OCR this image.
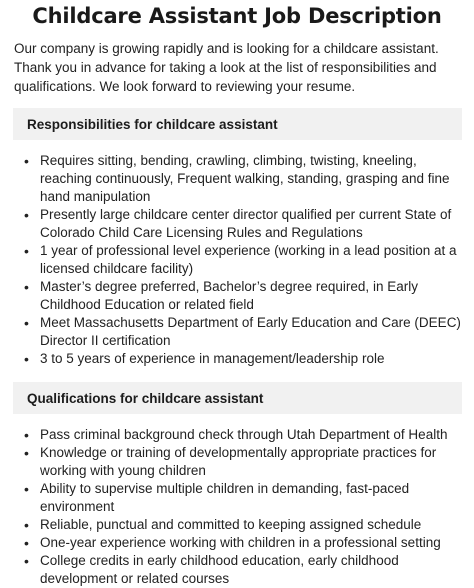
Childcare Assistant Job Description

Our company is growing rapidly and is looking for a childcare assistant. Thank you in advance for taking a look at the list of responsibilities and qualifications. We look forward to reviewing your resume.

Responsibilities for childcare assistant
• Requires sitting, bending, crawling, climbing, twisting, kneeling, reaching continuously, Frequent walking, standing, grasping and fine hand manipulation
• Presently large childcare center director qualified per current State of Colorado Child Care Licensing Rules and Regulations
• 1 year of professional level experience (working in a lead position at a licensed childcare facility)
• Master’s degree preferred, Bachelor’s degree required, in Early Childhood Education or related field
• Meet Massachusetts Department of Early Education and Care (DEEC) Director II certification
• 3 to 5 years of experience in management/leadership role
Qualifications for childcare assistant
• Pass criminal background check through Utah Department of Health
• Knowledge or training of developmentally appropriate practices for working with young children
• Ability to supervise multiple children in demanding, fast-paced environment
• Reliable, punctual and committed to keeping assigned schedule
• One-year experience working with children in a professional setting
• College credits in early childhood education, early childhood development or related courses
